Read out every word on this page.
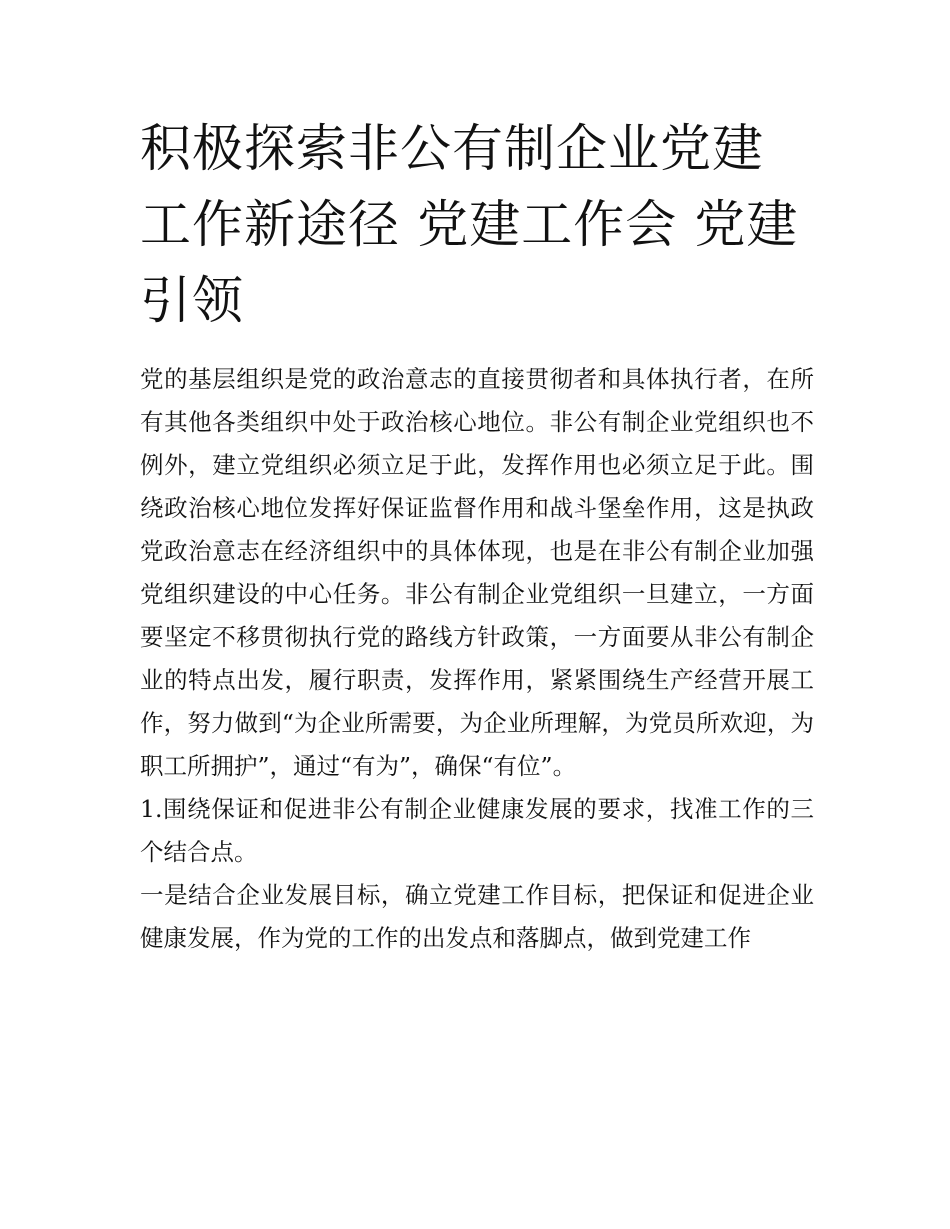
积极探索非公有制企业党建工作新途径 党建工作会 党建引领

党的基层组织是党的政治意志的直接贯彻者和具体执行者，在所有其他各类组织中处于政治核心地位。非公有制企业党组织也不例外，建立党组织必须立足于此，发挥作用也必须立足于此。围绕政治核心地位发挥好保证监督作用和战斗堡垒作用，这是执政党政治意志在经济组织中的具体体现，也是在非公有制企业加强党组织建设的中心任务。非公有制企业党组织一旦建立，一方面要坚定不移贯彻执行党的路线方针政策，一方面要从非公有制企业的特点出发，履行职责，发挥作用，紧紧围绕生产经营开展工作，努力做到“为企业所需要，为企业所理解，为党员所欢迎，为职工所拥护”，通过“有为”，确保“有位”。

1.围绕保证和促进非公有制企业健康发展的要求，找准工作的三个结合点。

一是结合企业发展目标，确立党建工作目标，把保证和促进企业健康发展，作为党的工作的出发点和落脚点，做到党建工作
